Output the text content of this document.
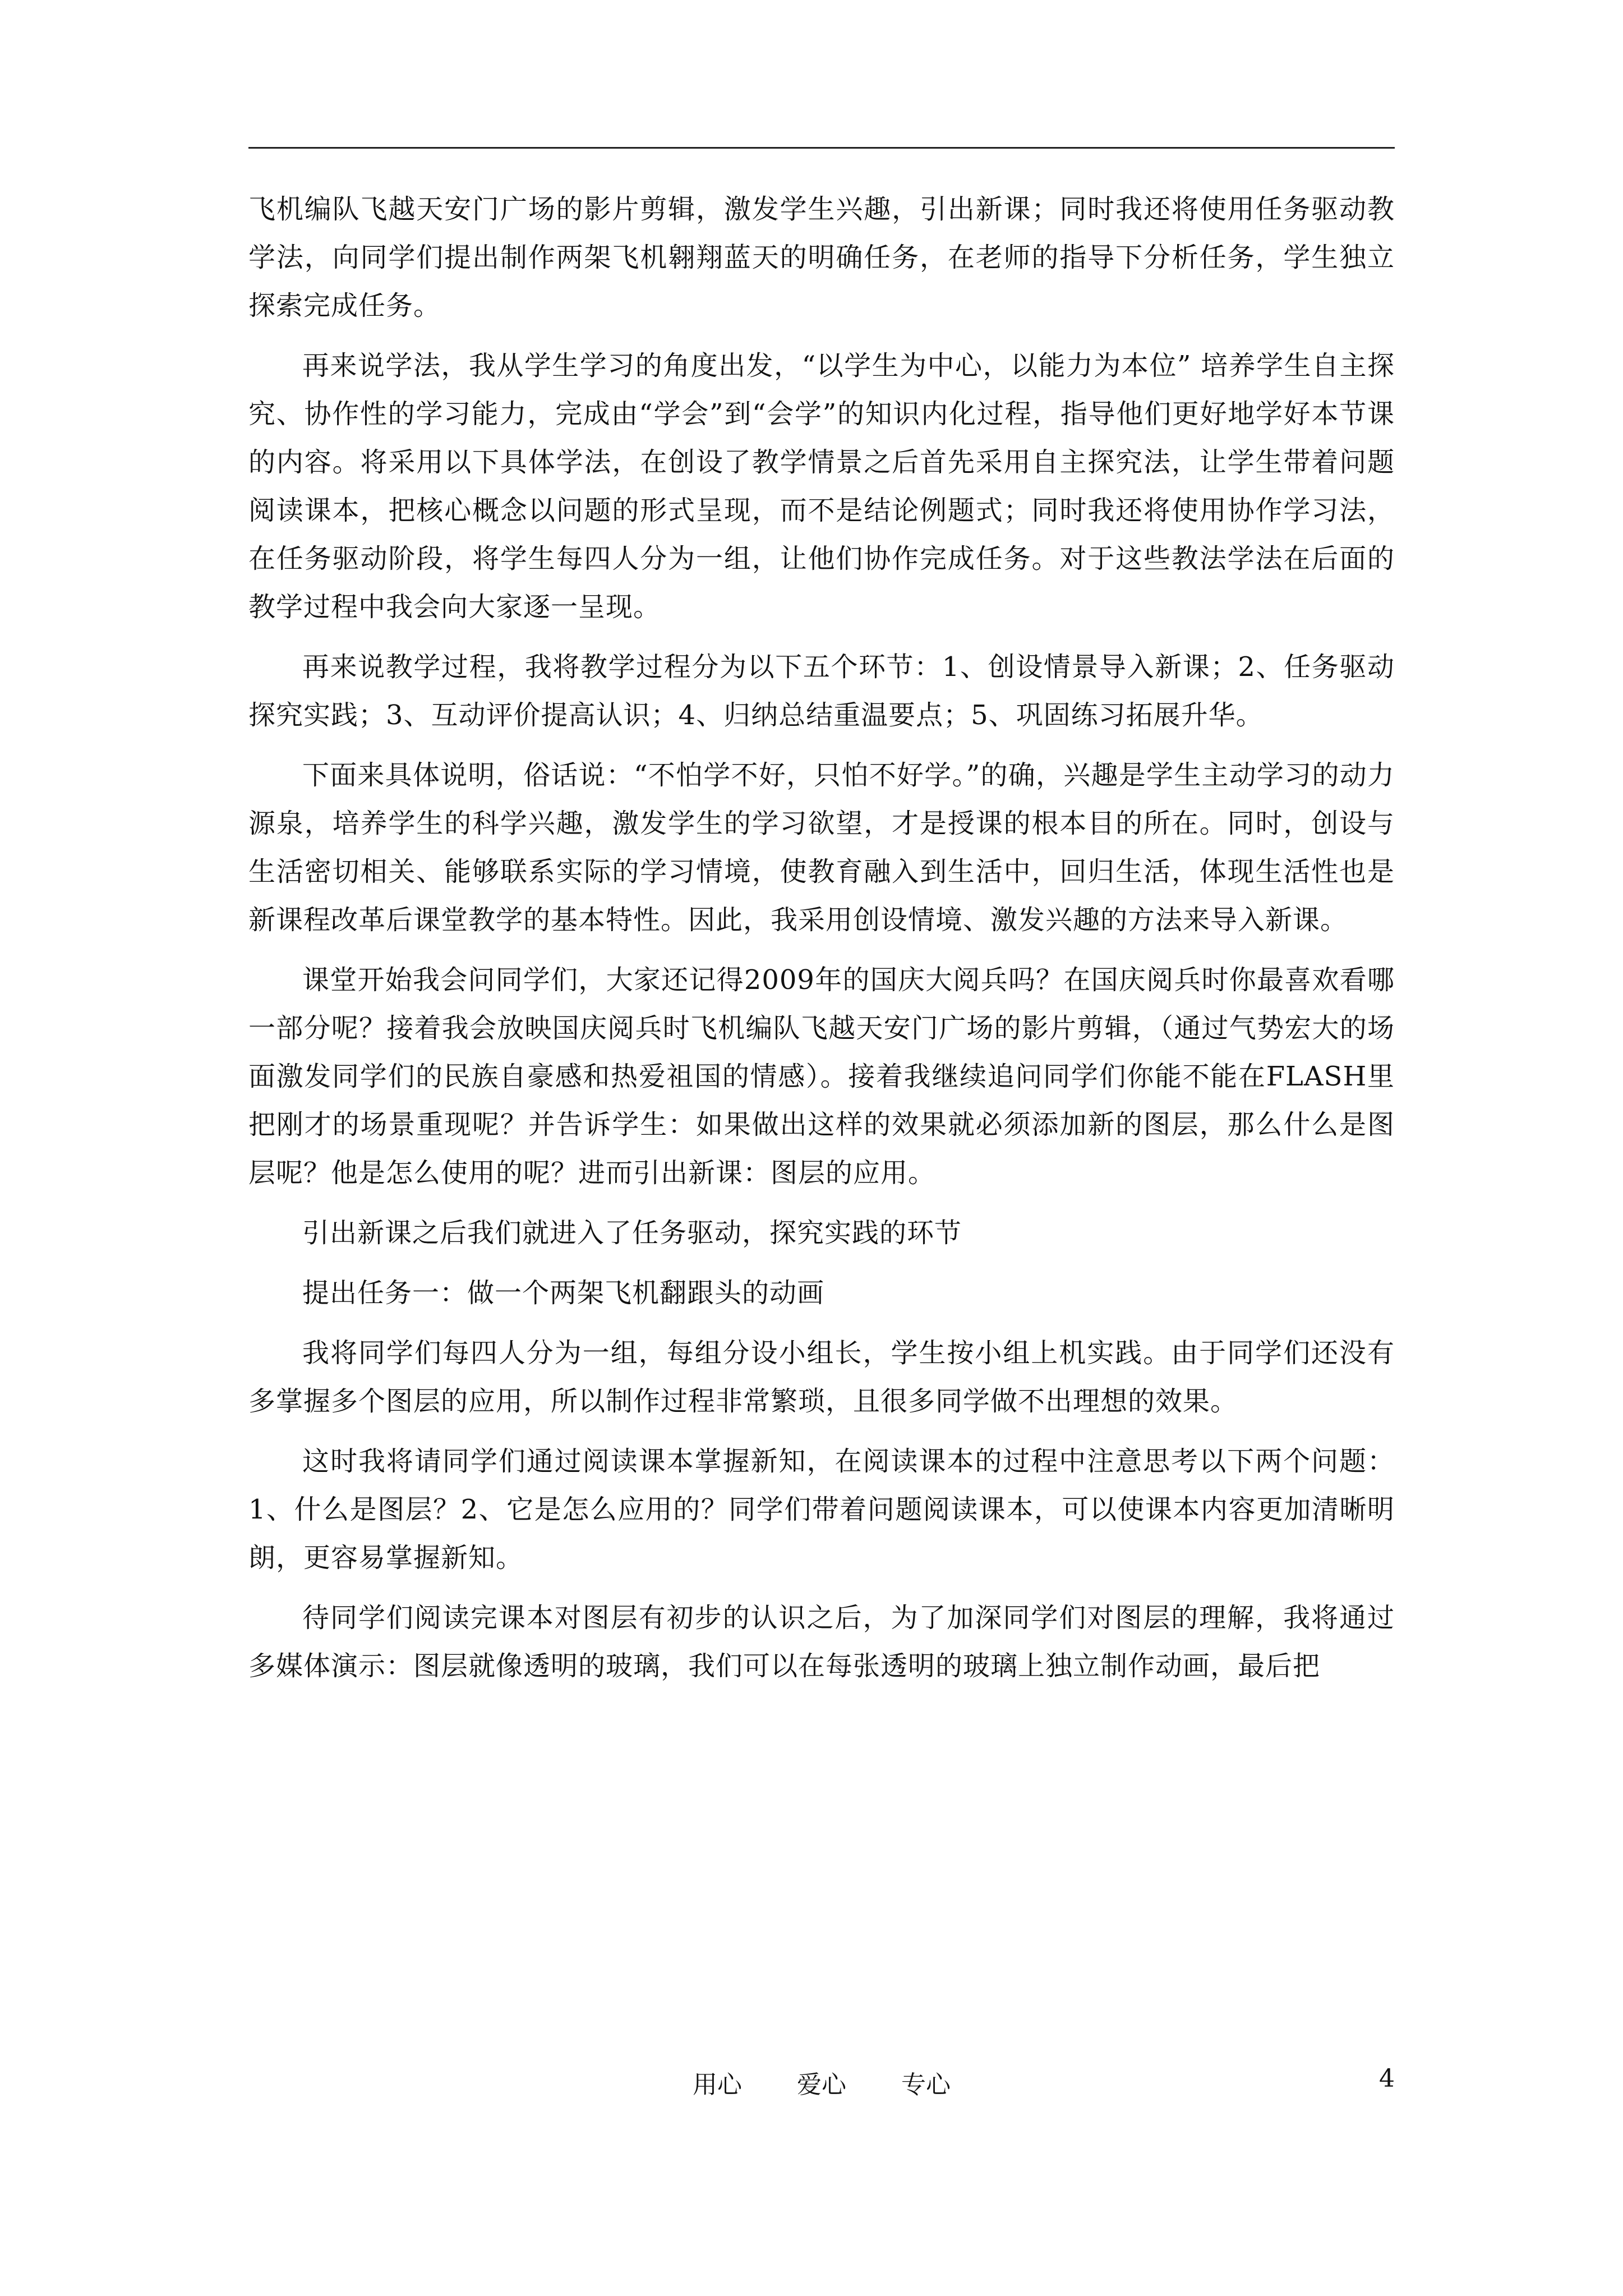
飞机编队飞越天安门广场的影片剪辑，激发学生兴趣，引出新课；同时我还将使用任务驱动教学法，向同学们提出制作两架飞机翱翔蓝天的明确任务，在老师的指导下分析任务，学生独立探索完成任务。

再来说学法，我从学生学习的角度出发，“以学生为中心，以能力为本位” 培养学生自主探究、协作性的学习能力，完成由“学会”到“会学”的知识内化过程，指导他们更好地学好本节课的内容。将采用以下具体学法，在创设了教学情景之后首先采用自主探究法，让学生带着问题阅读课本，把核心概念以问题的形式呈现，而不是结论例题式；同时我还将使用协作学习法，在任务驱动阶段，将学生每四人分为一组，让他们协作完成任务。对于这些教法学法在后面的教学过程中我会向大家逐一呈现。

再来说教学过程，我将教学过程分为以下五个环节：1、创设情景导入新课；2、任务驱动探究实践；3、互动评价提高认识；4、归纳总结重温要点；5、巩固练习拓展升华。

下面来具体说明，俗话说：“不怕学不好，只怕不好学。”的确，兴趣是学生主动学习的动力源泉，培养学生的科学兴趣，激发学生的学习欲望，才是授课的根本目的所在。同时，创设与生活密切相关、能够联系实际的学习情境，使教育融入到生活中，回归生活，体现生活性也是新课程改革后课堂教学的基本特性。因此，我采用创设情境、激发兴趣的方法来导入新课。

课堂开始我会问同学们，大家还记得2009年的国庆大阅兵吗？在国庆阅兵时你最喜欢看哪一部分呢？接着我会放映国庆阅兵时飞机编队飞越天安门广场的影片剪辑，（通过气势宏大的场面激发同学们的民族自豪感和热爱祖国的情感）。接着我继续追问同学们你能不能在FLASH里把刚才的场景重现呢？并告诉学生：如果做出这样的效果就必须添加新的图层，那么什么是图层呢？他是怎么使用的呢？进而引出新课：图层的应用。

引出新课之后我们就进入了任务驱动，探究实践的环节

提出任务一：做一个两架飞机翻跟头的动画

我将同学们每四人分为一组，每组分设小组长，学生按小组上机实践。由于同学们还没有多掌握多个图层的应用，所以制作过程非常繁琐，且很多同学做不出理想的效果。

这时我将请同学们通过阅读课本掌握新知，在阅读课本的过程中注意思考以下两个问题：1、什么是图层？2、它是怎么应用的？同学们带着问题阅读课本，可以使课本内容更加清晰明朗，更容易掌握新知。

待同学们阅读完课本对图层有初步的认识之后，为了加深同学们对图层的理解，我将通过多媒体演示：图层就像透明的玻璃，我们可以在每张透明的玻璃上独立制作动画，最后把

用心 爱心 专心	4
